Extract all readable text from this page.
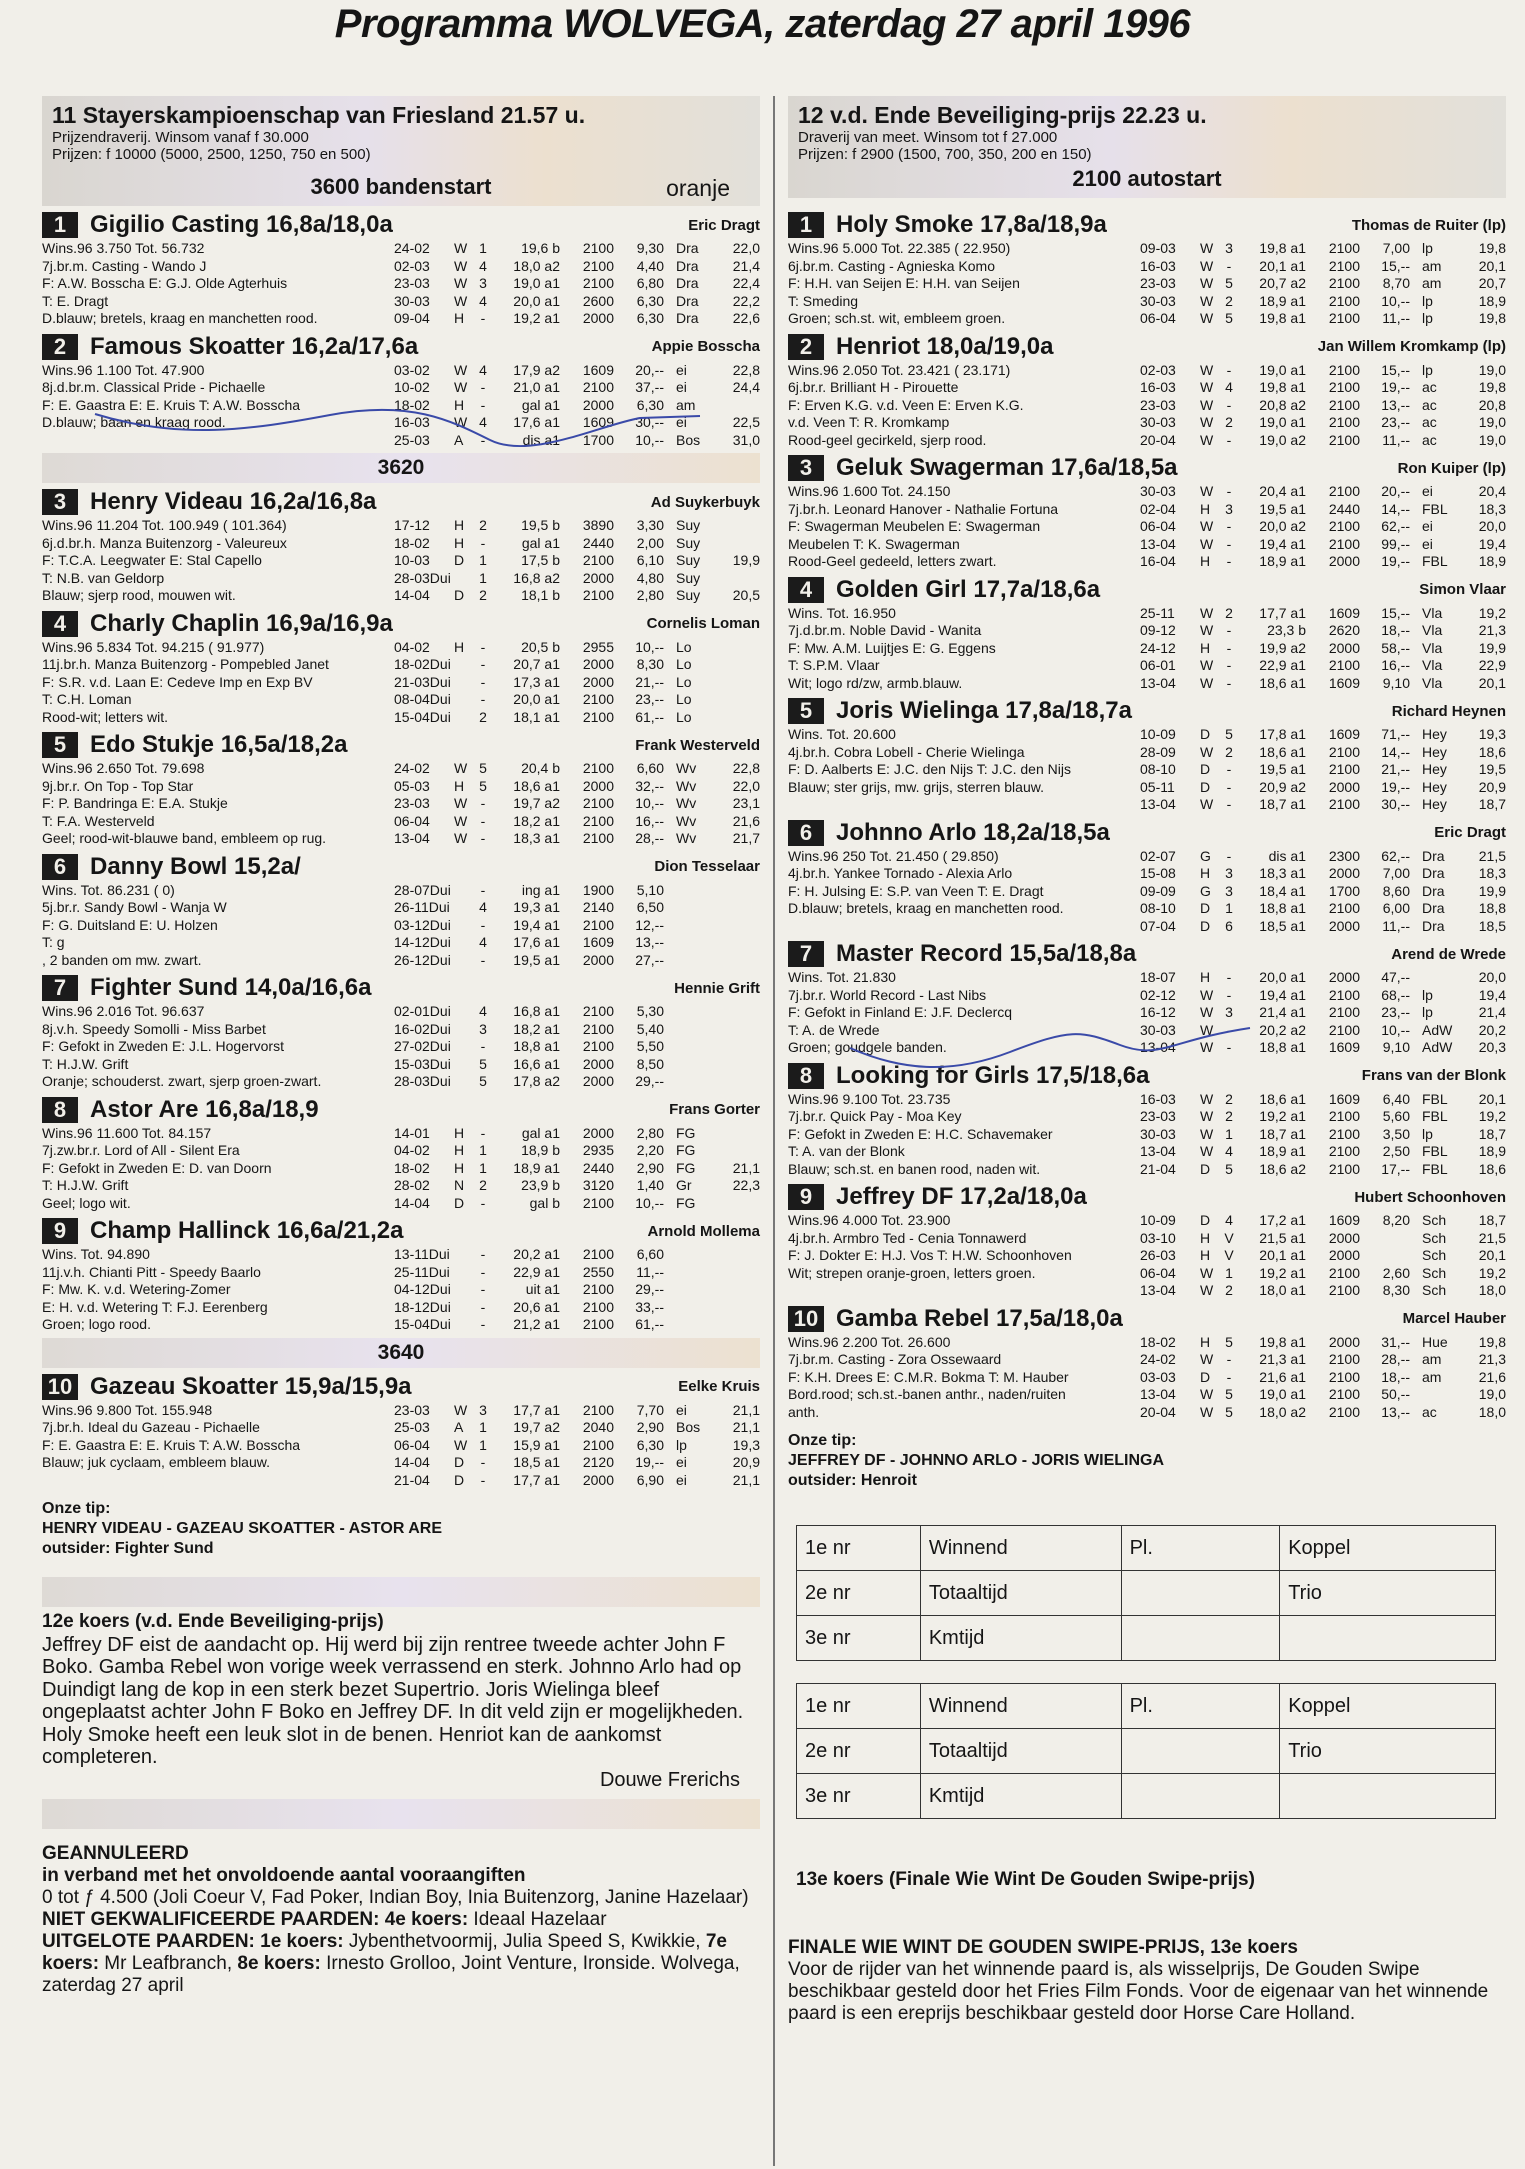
Programma WOLVEGA, zaterdag 27 april 1996
11 Stayerskampioenschap van Friesland 21.57 u.
Prijzendraverij. Winsom vanaf f 30.000
Prijzen: f 10000 (5000, 2500, 1250, 750 en 500)
3600 bandenstart	oranje
1 Gigilio Casting 16,8a/18,0a	Eric Dragt
Wins.96 3.750 Tot. 56.732
7j.br.m. Casting - Wando J
F: A.W. Bosscha E: G.J. Olde Agterhuis
T: E. Dragt
D.blauw; bretels, kraag en manchetten rood.
24-02	W 1	19,6 b	2100	9,30 Dra	22,0
02-03	W 4	18,0 a2	2100	4,40 Dra	21,4
23-03	W 3	19,0 a1	2100	6,80 Dra	22,4
30-03	W 4	20,0 a1	2600	6,30 Dra	22,2
09-04	H	-	19,2 a1	2000	6,30 Dra	22,6
2 Famous Skoatter 16,2a/17,6a	Appie Bosscha
Wins.96 1.100 Tot. 47.900
8j.d.br.m. Classical Pride - Pichaelle
F: E. Gaastra E: E. Kruis T: A.W. Bosscha
D.blauw; baan en kraag rood.
03-02	W 4	17,9 a2	1609	20,-- ei	22,8
10-02	W -	21,0 a1	2100	37,-- ei	24,4
18-02	H	-	gal a1	2000	6,30 am
16-03	W 4	17,6 a1	1609	30,-- ei	22,5
25-03	A	-	dis a1	1700	10,-- Bos	31,0
3620
3 Henry Videau 16,2a/16,8a	Ad Suykerbuyk
Wins.96 11.204 Tot. 100.949 ( 101.364)
6j.d.br.h. Manza Buitenzorg - Valeureux
F: T.C.A. Leegwater E: Stal Capello
T: N.B. van Geldorp
Blauw; sjerp rood, mouwen wit.
17-12	H	2	19,5 b	3890	3,30 Suy
18-02	H	-	gal a1	2440	2,00 Suy
10-03	D	1	17,5 b	2100	6,10 Suy	19,9
28-03Dui	1	16,8 a2	2000	4,80 Suy
14-04	D	2	18,1 b	2100	2,80 Suy	20,5
4 Charly Chaplin 16,9a/16,9a	Cornelis Loman
Wins.96 5.834 Tot. 94.215 ( 91.977)
11j.br.h. Manza Buitenzorg - Pompebled Janet
F: S.R. v.d. Laan E: Cedeve Imp en Exp BV
T: C.H. Loman
Rood-wit; letters wit.
04-02	H	-	20,5 b	2955	10,-- Lo
18-02Dui	-	20,7 a1	2000	8,30 Lo
21-03Dui	-	17,3 a1	2000	21,-- Lo
08-04Dui	-	20,0 a1	2100	23,-- Lo
15-04Dui	2	18,1 a1	2100	61,-- Lo
5 Edo Stukje 16,5a/18,2a	Frank Westerveld
Wins.96 2.650 Tot. 79.698
9j.br.r. On Top - Top Star
F: P. Bandringa E: E.A. Stukje
T: F.A. Westerveld
Geel; rood-wit-blauwe band, embleem op rug.
24-02	W 5	20,4 b	2100	6,60 Wv	22,8
05-03	H	5	18,6 a1	2000	32,-- Wv	22,0
23-03	W -	19,7 a2	2100	10,-- Wv	23,1
06-04	W -	18,2 a1	2100	16,-- Wv	21,6
13-04	W -	18,3 a1	2100	28,-- Wv	21,7
6 Danny Bowl 15,2a/	Dion Tesselaar
Wins. Tot. 86.231 ( 0)
5j.br.r. Sandy Bowl - Wanja W
F: G. Duitsland E: U. Holzen
T: g
, 2 banden om mw. zwart.
28-07Dui	-	ing a1	1900	5,10
26-11Dui	4	19,3 a1	2140	6,50
03-12Dui	-	19,4 a1	2100	12,--
14-12Dui	4	17,6 a1	1609	13,--
26-12Dui	-	19,5 a1	2000	27,--
7 Fighter Sund 14,0a/16,6a	Hennie Grift
Wins.96 2.016 Tot. 96.637
8j.v.h. Speedy Somolli - Miss Barbet
F: Gefokt in Zweden E: J.L. Hogervorst
T: H.J.W. Grift
Oranje; schouderst. zwart, sjerp groen-zwart.
02-01Dui	4	16,8 a1	2100	5,30
16-02Dui	3	18,2 a1	2100	5,40
27-02Dui	-	18,8 a1	2100	5,50
15-03Dui	5	16,6 a1	2000	8,50
28-03Dui	5	17,8 a2	2000	29,--
8 Astor Are 16,8a/18,9	Frans Gorter
Wins.96 11.600 Tot. 84.157
7j.zw.br.r. Lord of All - Silent Era
F: Gefokt in Zweden E: D. van Doorn
T: H.J.W. Grift
Geel; logo wit.
14-01	H	-	gal a1	2000	2,80 FG
04-02	H	1	18,9 b	2935	2,20 FG
18-02	H	1	18,9 a1	2440	2,90 FG	21,1
28-02	N	2	23,9 b	3120	1,40 Gr	22,3
14-04	D	-	gal b	2100	10,-- FG
9 Champ Hallinck 16,6a/21,2a	Arnold Mollema
Wins. Tot. 94.890
11j.v.h. Chianti Pitt - Speedy Baarlo
F: Mw. K. v.d. Wetering-Zomer
E: H. v.d. Wetering T: F.J. Eerenberg
Groen; logo rood.
13-11Dui	-	20,2 a1	2100	6,60
25-11Dui	-	22,9 a1	2550	11,--
04-12Dui	-	uit a1	2100	29,--
18-12Dui	-	20,6 a1	2100	33,--
15-04Dui	-	21,2 a1	2100	61,--
3640
10 Gazeau Skoatter 15,9a/15,9a	Eelke Kruis
Wins.96 9.800 Tot. 155.948
7j.br.h. Ideal du Gazeau - Pichaelle
F: E. Gaastra E: E. Kruis T: A.W. Bosscha
Blauw; juk cyclaam, embleem blauw.
23-03	W 3	17,7 a1	2100	7,70 ei	21,1
25-03	A	1	19,7 a2	2040	2,90 Bos	21,1
06-04	W 1	15,9 a1	2100	6,30 lp	19,3
14-04	D	-	18,5 a1	2120	19,-- ei	20,9
21-04	D	-	17,7 a1	2000	6,90 ei	21,1
Onze tip:
HENRY VIDEAU - GAZEAU SKOATTER - ASTOR ARE
outsider: Fighter Sund
12e koers (v.d. Ende Beveiliging-prijs)
Jeffrey DF eist de aandacht op. Hij werd bij zijn rentree tweede achter John F Boko. Gamba Rebel won vorige week verrassend en sterk. Johnno Arlo had op Duindigt lang de kop in een sterk bezet Supertrio. Joris Wielinga bleef ongeplaatst achter John F Boko en Jeffrey DF. In dit veld zijn er mogelijkheden. Holy Smoke heeft een leuk slot in de benen. Henriot kan de aankomst completeren.
Douwe Frerichs
GEANNULEERD
in verband met het onvoldoende aantal vooraangiften
0 tot ƒ 4.500 (Joli Coeur V, Fad Poker, Indian Boy, Inia Buitenzorg, Janine Hazelaar)
NIET GEKWALIFICEERDE PAARDEN: 4e koers: Ideaal Hazelaar
UITGELOTE PAARDEN: 1e koers: Jybenthetvoormij, Julia Speed S, Kwikkie, 7e koers: Mr Leafbranch, 8e koers: Irnesto Grolloo, Joint Venture, Ironside. Wolvega, zaterdag 27 april
12 v.d. Ende Beveiliging-prijs 22.23 u.
Draverij van meet. Winsom tot f 27.000
Prijzen: f 2900 (1500, 700, 350, 200 en 150)
2100 autostart
1 Holy Smoke 17,8a/18,9a	Thomas de Ruiter (lp)
Wins.96 5.000 Tot. 22.385 ( 22.950)
6j.br.m. Casting - Agnieska Komo
F: H.H. van Seijen E: H.H. van Seijen
T: Smeding
Groen; sch.st. wit, embleem groen.
09-03	W 3	19,8 a1	2100	7,00 lp	19,8
16-03	W -	20,1 a1	2100	15,-- am	20,1
23-03	W 5	20,7 a2	2100	8,70 am	20,7
30-03	W 2	18,9 a1	2100	10,-- lp	18,9
06-04	W 5	19,8 a1	2100	11,-- lp	19,8
2 Henriot 18,0a/19,0a	Jan Willem Kromkamp (lp)
Wins.96 2.050 Tot. 23.421 ( 23.171)
6j.br.r. Brilliant H - Pirouette
F: Erven K.G. v.d. Veen E: Erven K.G.
v.d. Veen T: R. Kromkamp
Rood-geel gecirkeld, sjerp rood.
02-03	W -	19,0 a1	2100	15,-- lp	19,0
16-03	W 4	19,8 a1	2100	19,-- ac	19,8
23-03	W -	20,8 a2	2100	13,-- ac	20,8
30-03	W 2	19,0 a1	2100	23,-- ac	19,0
20-04	W -	19,0 a2	2100	11,-- ac	19,0
3 Geluk Swagerman 17,6a/18,5a	Ron Kuiper (lp)
Wins.96 1.600 Tot. 24.150
7j.br.h. Leonard Hanover - Nathalie Fortuna
F: Swagerman Meubelen E: Swagerman
Meubelen T: K. Swagerman
Rood-Geel gedeeld, letters zwart.
30-03	W -	20,4 a1	2100	20,-- ei	20,4
02-04	H	3	19,5 a1	2440	14,-- FBL	18,3
06-04	W -	20,0 a2	2100	62,-- ei	20,0
13-04	W -	19,4 a1	2100	99,-- ei	19,4
16-04	H	-	18,9 a1	2000	19,-- FBL	18,9
4 Golden Girl 17,7a/18,6a	Simon Vlaar
Wins. Tot. 16.950
7j.d.br.m. Noble David - Wanita
F: Mw. A.M. Luijtjes E: G. Eggens
T: S.P.M. Vlaar
Wit; logo rd/zw, armb.blauw.
25-11	W 2	17,7 a1	1609	15,-- Vla	19,2
09-12	W -	23,3 b	2620	18,-- Vla	21,3
24-12	H	-	19,9 a2	2000	58,-- Vla	19,9
06-01	W -	22,9 a1	2100	16,-- Vla	22,9
13-04	W -	18,6 a1	1609	9,10 Vla	20,1
5 Joris Wielinga 17,8a/18,7a	Richard Heynen
Wins. Tot. 20.600
4j.br.h. Cobra Lobell - Cherie Wielinga
F: D. Aalberts E: J.C. den Nijs T: J.C. den Nijs
Blauw; ster grijs, mw. grijs, sterren blauw.
10-09	D	5	17,8 a1	1609	71,-- Hey	19,3
28-09	W 2	18,6 a1	2100	14,-- Hey	18,6
08-10	D	-	19,5 a1	2100	21,-- Hey	19,5
05-11	D	-	20,9 a2	2000	19,-- Hey	20,9
13-04	W -	18,7 a1	2100	30,-- Hey	18,7
6 Johnno Arlo 18,2a/18,5a	Eric Dragt
Wins.96 250 Tot. 21.450 ( 29.850)
4j.br.h. Yankee Tornado - Alexia Arlo
F: H. Julsing E: S.P. van Veen T: E. Dragt
D.blauw; bretels, kraag en manchetten rood.
02-07	G	-	dis a1	2300	62,-- Dra	21,5
15-08	H	3	18,3 a1	2000	7,00 Dra	18,3
09-09	G	3	18,4 a1	1700	8,60 Dra	19,9
08-10	D	1	18,8 a1	2100	6,00 Dra	18,8
07-04	D	6	18,5 a1	2000	11,-- Dra	18,5
7 Master Record 15,5a/18,8a	Arend de Wrede
Wins. Tot. 21.830
7j.br.r. World Record - Last Nibs
F: Gefokt in Finland E: J.F. Declercq
T: A. de Wrede
Groen; goudgele banden.
18-07	H	-	20,0 a1	2000	47,--	20,0
02-12	W -	19,4 a1	2100	68,-- lp	19,4
16-12	W 3	21,4 a1	2100	23,-- lp	21,4
30-03	W -	20,2 a2	2100	10,-- AdW	20,2
13-04	W -	18,8 a1	1609	9,10 AdW	20,3
8 Looking for Girls 17,5/18,6a	Frans van der Blonk
Wins.96 9.100 Tot. 23.735
7j.br.r. Quick Pay - Moa Key
F: Gefokt in Zweden E: H.C. Schavemaker
T: A. van der Blonk
Blauw; sch.st. en banen rood, naden wit.
16-03	W 2	18,6 a1	1609	6,40 FBL	20,1
23-03	W 2	19,2 a1	2100	5,60 FBL	19,2
30-03	W 1	18,7 a1	2100	3,50 lp	18,7
13-04	W 4	18,9 a1	2100	2,50 FBL	18,9
21-04	D	5	18,6 a2	2100	17,-- FBL	18,6
9 Jeffrey DF 17,2a/18,0a	Hubert Schoonhoven
Wins.96 4.000 Tot. 23.900
4j.br.h. Armbro Ted - Cenia Tonnawerd
F: J. Dokter E: H.J. Vos T: H.W. Schoonhoven
Wit; strepen oranje-groen, letters groen.
10-09	D	4	17,2 a1	1609	8,20 Sch	18,7
03-10	H	V	21,5 a1	2000	Sch	21,5
26-03	H	V	20,1 a1	2000	Sch	20,1
06-04	W 1	19,2 a1	2100	2,60 Sch	19,2
13-04	W 2	18,0 a1	2100	8,30 Sch	18,0
10 Gamba Rebel 17,5a/18,0a	Marcel Hauber
Wins.96 2.200 Tot. 26.600
7j.br.m. Casting - Zora Ossewaard
F: K.H. Drees E: C.M.R. Bokma T: M. Hauber
Bord.rood; sch.st.-banen anthr., naden/ruiten
anth.
18-02	H	5	19,8 a1	2000	31,-- Hue	19,8
24-02	W -	21,3 a1	2100	28,-- am	21,3
03-03	D	-	21,6 a1	2100	18,-- am	21,6
13-04	W 5	19,0 a1	2100	50,--	19,0
20-04	W 5	18,0 a2	2100	13,-- ac	18,0
Onze tip:
JEFFREY DF - JOHNNO ARLO - JORIS WIELINGA
outsider: Henroit
1e nr	Winnend	Pl.	Koppel
2e nr	Totaaltijd		Trio
3e nr	Kmtijd		
1e nr	Winnend	Pl.	Koppel
2e nr	Totaaltijd		Trio
3e nr	Kmtijd		
13e koers (Finale Wie Wint De Gouden Swipe-prijs)
FINALE WIE WINT DE GOUDEN SWIPE-PRIJS, 13e koers
Voor de rijder van het winnende paard is, als wisselprijs, De Gouden Swipe beschikbaar gesteld door het Fries Film Fonds. Voor de eigenaar van het winnende paard is een ereprijs beschikbaar gesteld door Horse Care Holland.
